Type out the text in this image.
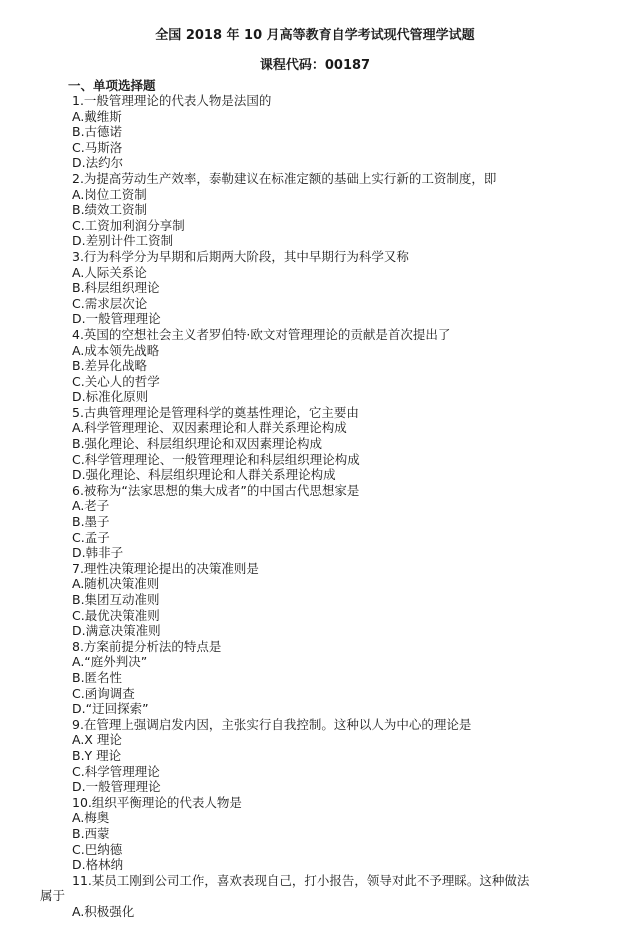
全国 2018 年 10 月高等教育自学考试现代管理学试题
课程代码：00187
一、单项选择题
1.一般管理理论的代表人物是法国的
A.戴维斯
B.古德诺
C.马斯洛
D.法约尔
2.为提高劳动生产效率，泰勒建议在标准定额的基础上实行新的工资制度，即
A.岗位工资制
B.绩效工资制
C.工资加利润分享制
D.差别计件工资制
3.行为科学分为早期和后期两大阶段，其中早期行为科学又称
A.人际关系论
B.科层组织理论
C.需求层次论
D.一般管理理论
4.英国的空想社会主义者罗伯特·欧文对管理理论的贡献是首次提出了
A.成本领先战略
B.差异化战略
C.关心人的哲学
D.标准化原则
5.古典管理理论是管理科学的奠基性理论，它主要由
A.科学管理理论、双因素理论和人群关系理论构成
B.强化理论、科层组织理论和双因素理论构成
C.科学管理理论、一般管理理论和科层组织理论构成
D.强化理论、科层组织理论和人群关系理论构成
6.被称为“法家思想的集大成者”的中国古代思想家是
A.老子
B.墨子
C.孟子
D.韩非子
7.理性决策理论提出的决策准则是
A.随机决策准则
B.集团互动准则
C.最优决策准则
D.满意决策准则
8.方案前提分析法的特点是
A.“庭外判决”
B.匿名性
C.函询调查
D.“迂回探索”
9.在管理上强调启发内因，主张实行自我控制。这种以人为中心的理论是
A.X 理论
B.Y 理论
C.科学管理理论
D.一般管理理论
10.组织平衡理论的代表人物是
A.梅奥
B.西蒙
C.巴纳德
D.格林纳
11.某员工刚到公司工作，喜欢表现自己，打小报告，领导对此不予理睬。这种做法
属于
A.积极强化
